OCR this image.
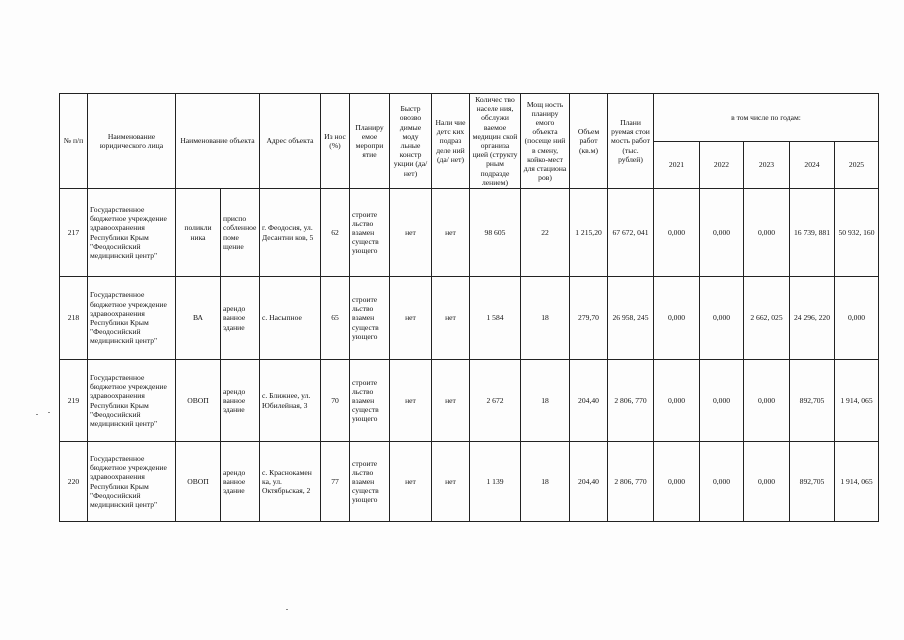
№ п/п	Наименование юридического лица	Наименование объекта		Адрес объекта	Из нос (%)	Планиру емое меропри ятие	Быстр овозво димые моду льные констр укции (да/ нет)	Нали чие детс ких подраз деле ний (да/ нет)	Количес тво населе ния, обслужи ваемое медицин ской организа цией (структу рным подразде лением)	Мощ ность планиру емого объекта (посеще ний в смену, койко-мест для стациона ров)	Объем работ (кв.м)	Плани руемая стои мость работ (тыс. рублей)	в том числе по годам:				
													2021	2022	2023	2024	2025
217	Государственное бюджетное учреждение здравоохранения Республики Крым "Феодосийский медицинский центр"	поликли ника	приспо собленное поме щение	г. Феодосия, ул. Десантни ков, 5	62	строите льство взамен существ ующего	нет	нет	98 605	22	1 215,20	67 672, 041	0,000	0,000	0,000	16 739, 881	50 932, 160
218	Государственное бюджетное учреждение здравоохранения Республики Крым "Феодосийский медицинский центр"	ВА	арендо ванное здание	с. Насыпное	65	строите льство взамен существ ующего	нет	нет	1 584	18	279,70	26 958, 245	0,000	0,000	2 662, 025	24 296, 220	0,000
219	Государственное бюджетное учреждение здравоохранения Республики Крым "Феодосийский медицинский центр"	ОВОП	арендо ванное здание	с. Ближнее, ул. Юбилейная, 3	70	строите льство взамен существ ующего	нет	нет	2 672	18	204,40	2 806, 770	0,000	0,000	0,000	892,705	1 914, 065
220	Государственное бюджетное учреждение здравоохранения Республики Крым "Феодосийский медицинский центр"	ОВОП	арендо ванное здание	с. Краснокамен ка, ул. Октябрьская, 2	77	строите льство взамен существ ующего	нет	нет	1 139	18	204,40	2 806, 770	0,000	0,000	0,000	892,705	1 914, 065
